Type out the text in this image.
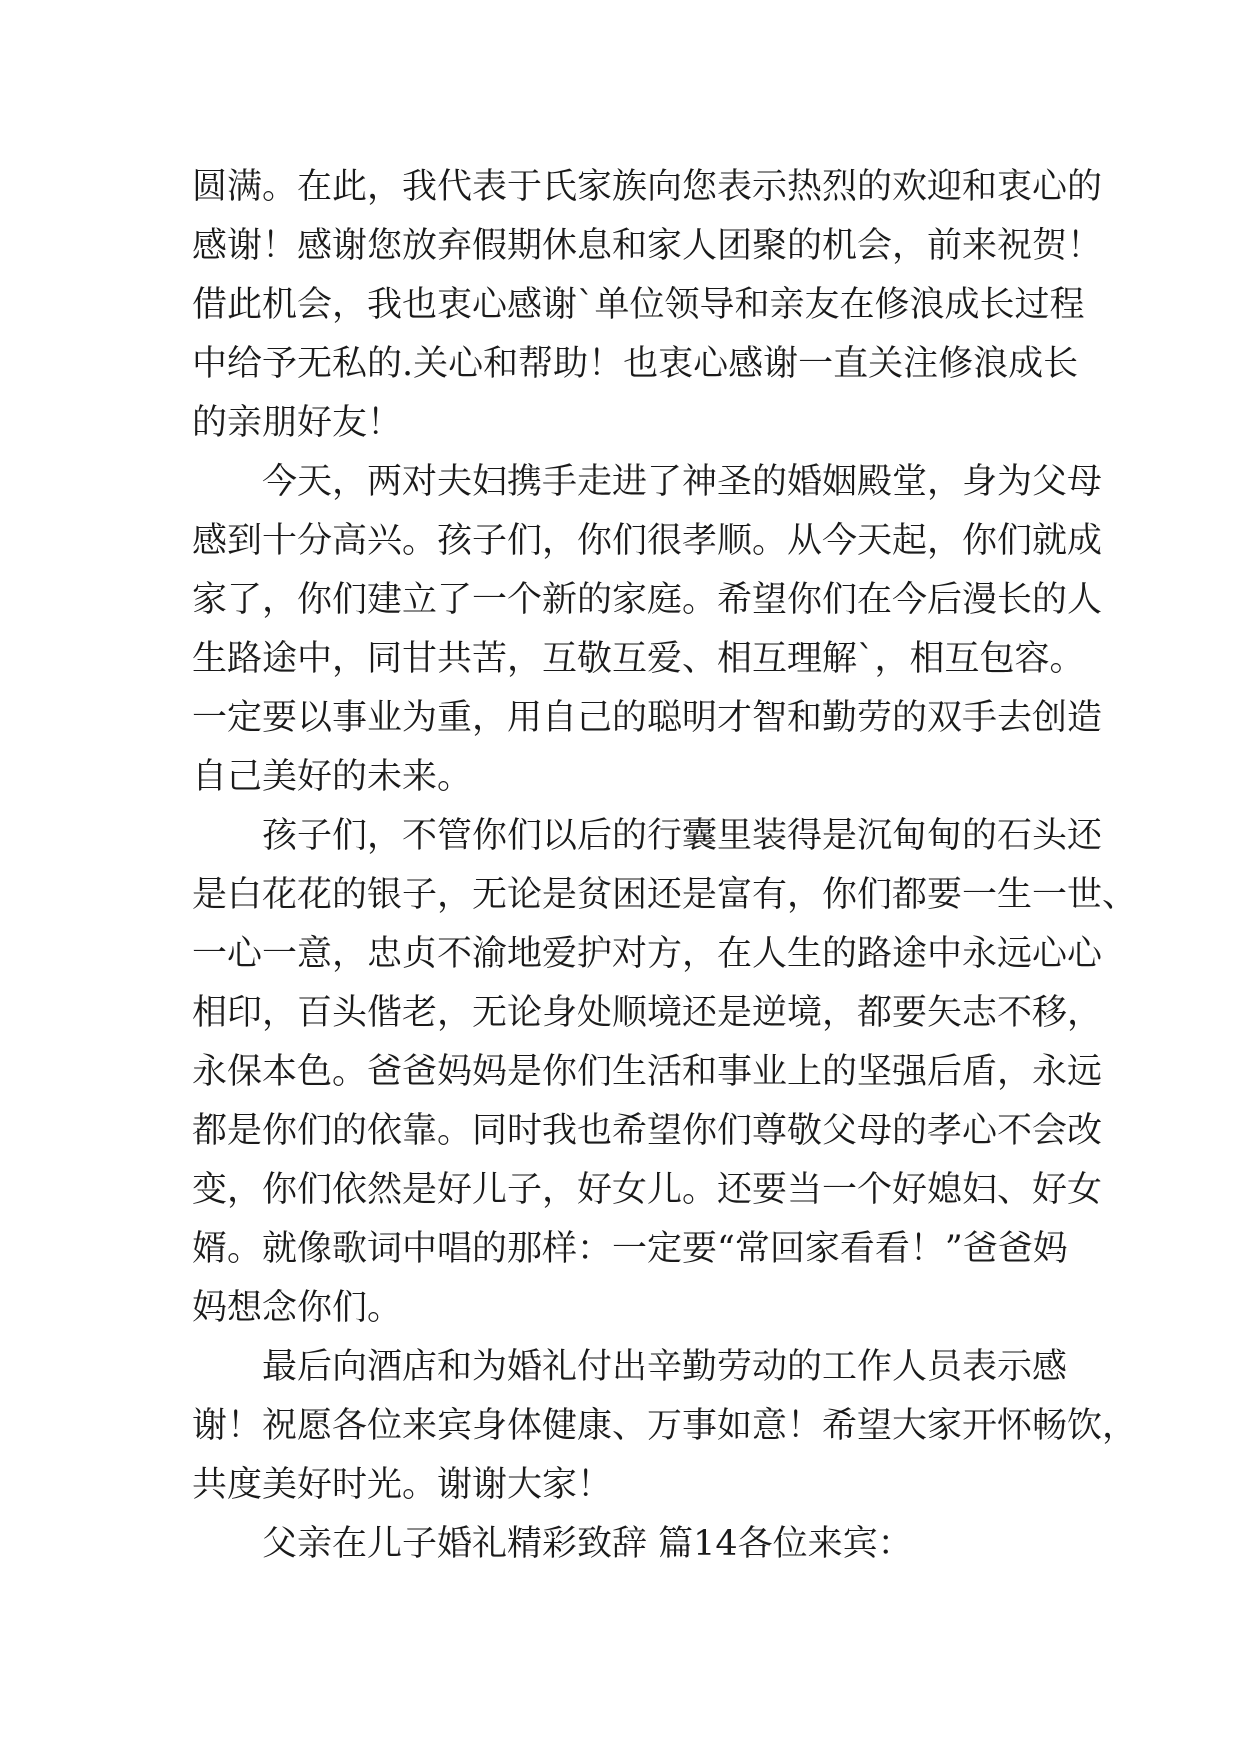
圆满。在此，我代表于氏家族向您表示热烈的欢迎和衷心的
感谢！感谢您放弃假期休息和家人团聚的机会，前来祝贺！
借此机会，我也衷心感谢`单位领导和亲友在修浪成长过程
中给予无私的.关心和帮助！也衷心感谢一直关注修浪成长
的亲朋好友！
今天，两对夫妇携手走进了神圣的婚姻殿堂，身为父母
感到十分高兴。孩子们，你们很孝顺。从今天起，你们就成
家了，你们建立了一个新的家庭。希望你们在今后漫长的人
生路途中，同甘共苦，互敬互爱、相互理解`，相互包容。
一定要以事业为重，用自己的聪明才智和勤劳的双手去创造
自己美好的未来。
孩子们，不管你们以后的行囊里装得是沉甸甸的石头还
是白花花的银子，无论是贫困还是富有，你们都要一生一世、
一心一意，忠贞不渝地爱护对方，在人生的路途中永远心心
相印，百头偕老，无论身处顺境还是逆境，都要矢志不移，
永保本色。爸爸妈妈是你们生活和事业上的坚强后盾，永远
都是你们的依靠。同时我也希望你们尊敬父母的孝心不会改
变，你们依然是好儿子，好女儿。还要当一个好媳妇、好女
婿。就像歌词中唱的那样：一定要“常回家看看！”爸爸妈
妈想念你们。
最后向酒店和为婚礼付出辛勤劳动的工作人员表示感
谢！祝愿各位来宾身体健康、万事如意！希望大家开怀畅饮，
共度美好时光。谢谢大家！
父亲在儿子婚礼精彩致辞 篇14各位来宾：
